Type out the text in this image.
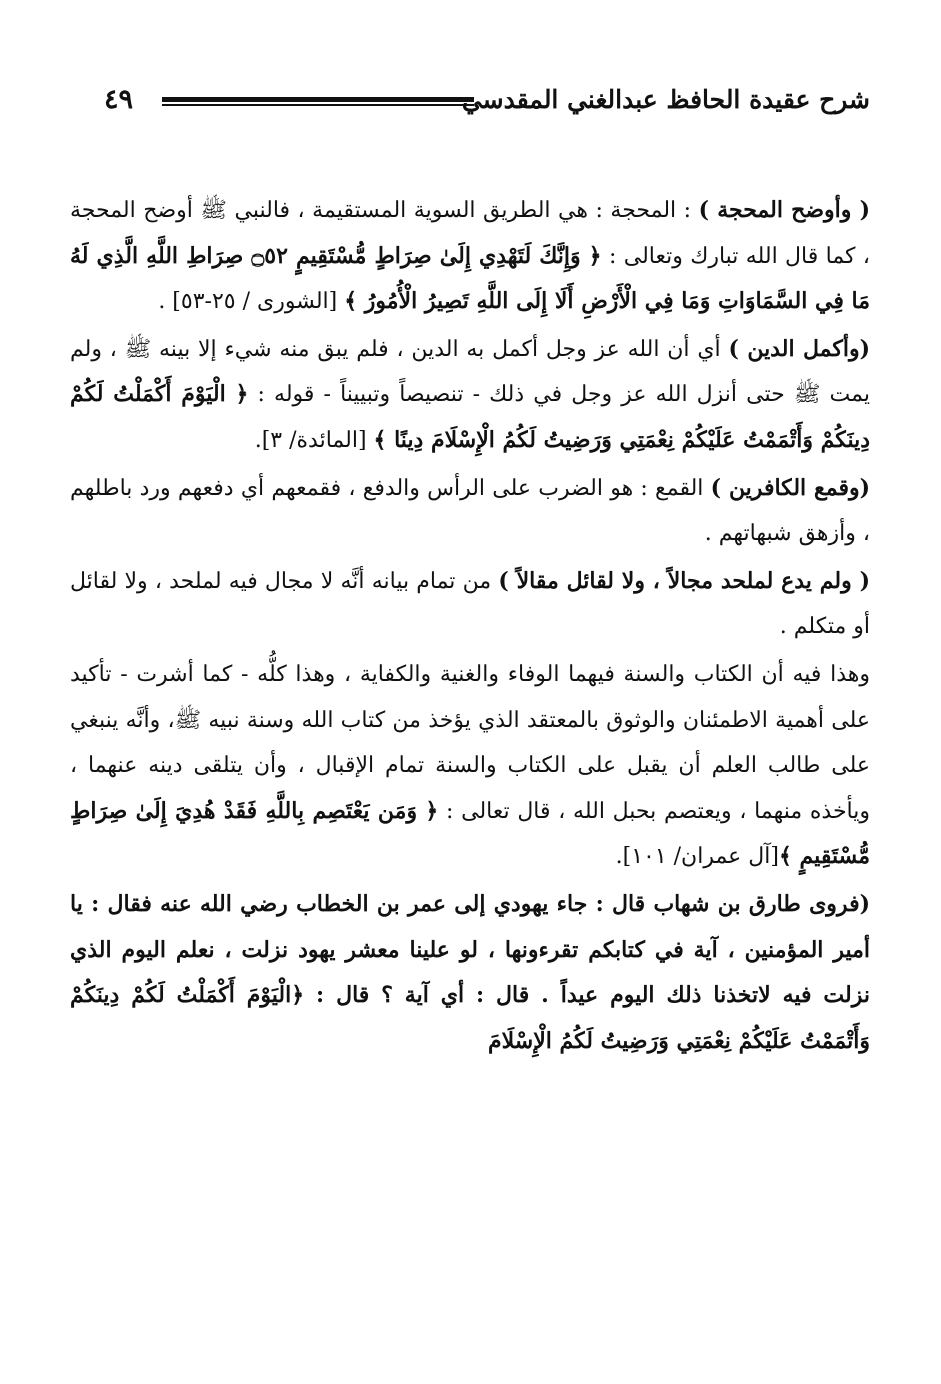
شرح عقيدة الحافظ عبدالغني المقدسي
٤٩

( وأوضح المحجة ) : المحجة : هي الطريق السوية المستقيمة ، فالنبي ﷺ أوضح المحجة ، كما قال الله تبارك وتعالى : ﴿ وَإِنَّكَ لَتَهْدِي إِلَىٰ صِرَاطٍ مُّسْتَقِيمٍ ۝٥٢ صِرَاطِ اللَّهِ الَّذِي لَهُ مَا فِي السَّمَاوَاتِ وَمَا فِي الْأَرْضِ أَلَا إِلَى اللَّهِ تَصِيرُ الْأُمُورُ ﴾ [الشورى / ٢٥-٥٣] .

(وأكمل الدين ) أي أن الله عز وجل أكمل به الدين ، فلم يبق منه شيء إلا بينه ﷺ ، ولم يمت ﷺ حتى أنزل الله عز وجل في ذلك - تنصيصاً وتبييناً - قوله : ﴿ الْيَوْمَ أَكْمَلْتُ لَكُمْ دِينَكُمْ وَأَتْمَمْتُ عَلَيْكُمْ نِعْمَتِي وَرَضِيتُ لَكُمُ الْإِسْلَامَ دِينًا ﴾ [المائدة/ ٣].

(وقمع الكافرين ) القمع : هو الضرب على الرأس والدفع ، فقمعهم أي دفعهم ورد باطلهم ، وأزهق شبهاتهم .

( ولم يدع لملحد مجالاً ، ولا لقائل مقالاً ) من تمام بيانه أنَّه لا مجال فيه لملحد ، ولا لقائل أو متكلم .

وهذا فيه أن الكتاب والسنة فيهما الوفاء والغنية والكفاية ، وهذا كلُّه - كما أشرت - تأكيد على أهمية الاطمئنان والوثوق بالمعتقد الذي يؤخذ من كتاب الله وسنة نبيه ﷺ، وأنَّه ينبغي على طالب العلم أن يقبل على الكتاب والسنة تمام الإقبال ، وأن يتلقى دينه عنهما ، ويأخذه منهما ، ويعتصم بحبل الله ، قال تعالى : ﴿ وَمَن يَعْتَصِم بِاللَّهِ فَقَدْ هُدِيَ إِلَىٰ صِرَاطٍ مُّسْتَقِيمٍ ﴾[آل عمران/ ١٠١].

(فروى طارق بن شهاب قال : جاء يهودي إلى عمر بن الخطاب رضي الله عنه فقال : يا أمير المؤمنين ، آية في كتابكم تقرءونها ، لو علينا معشر يهود نزلت ، نعلم اليوم الذي نزلت فيه لاتخذنا ذلك اليوم عيداً . قال : أي آية ؟ قال : ﴿الْيَوْمَ أَكْمَلْتُ لَكُمْ دِينَكُمْ وَأَتْمَمْتُ عَلَيْكُمْ نِعْمَتِي وَرَضِيتُ لَكُمُ الْإِسْلَامَ
